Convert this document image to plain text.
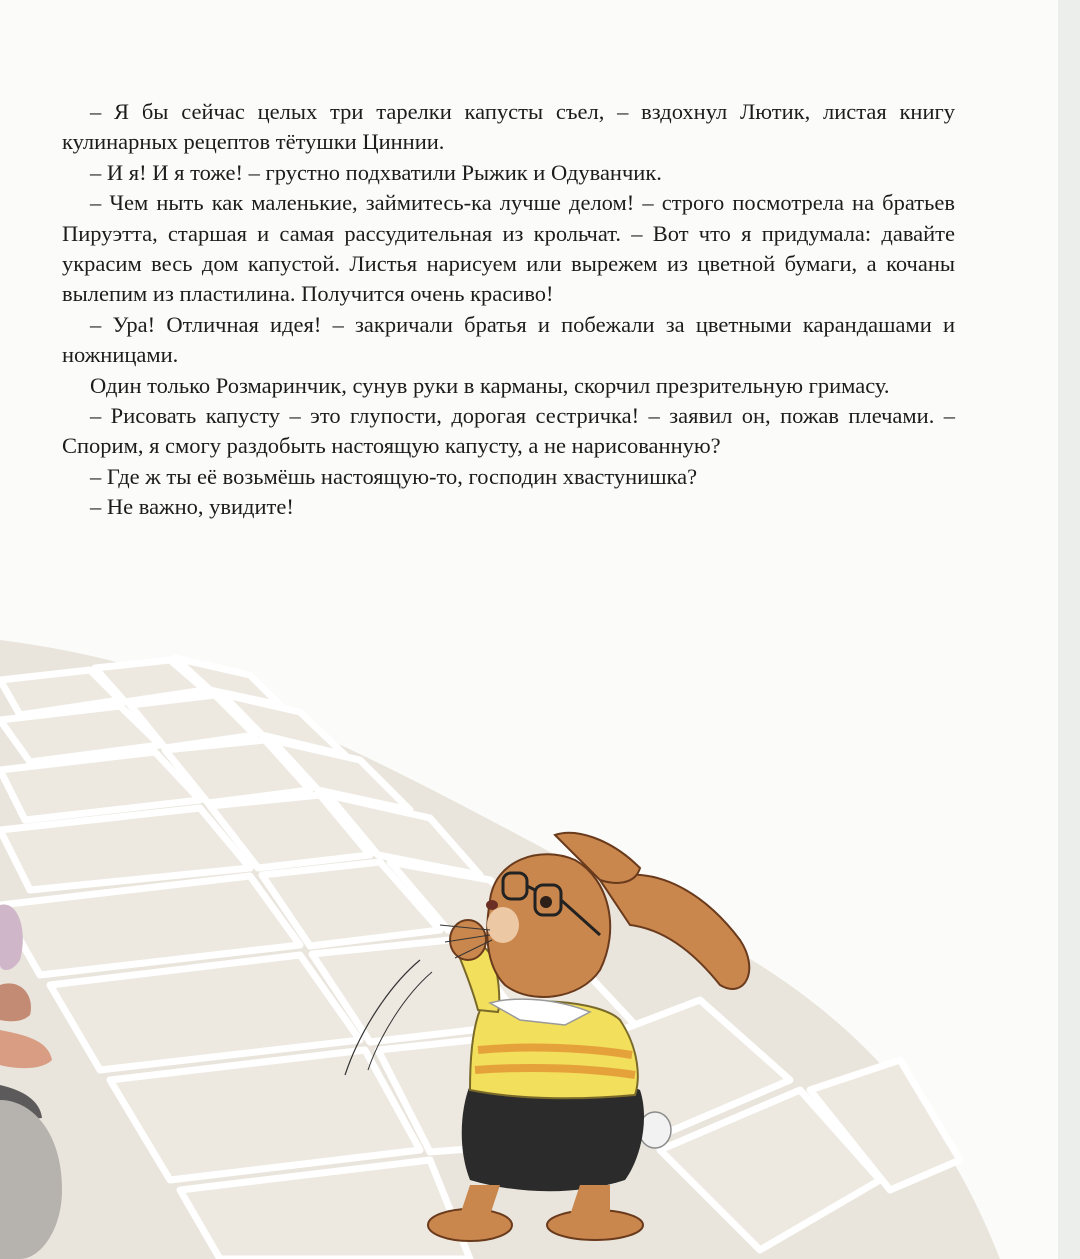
– Я бы сейчас целых три тарелки капусты съел, – вздохнул Лютик, листая книгу кулинарных рецептов тётушки Циннии.

– И я! И я тоже! – грустно подхватили Рыжик и Одуванчик.

– Чем ныть как маленькие, займитесь-ка лучше делом! – строго посмотрела на братьев Пируэтта, старшая и самая рассудительная из крольчат. – Вот что я придумала: давайте украсим весь дом капустой. Листья нарисуем или вырежем из цветной бумаги, а кочаны вылепим из пластилина. Получится очень красиво!

– Ура! Отличная идея! – закричали братья и побежали за цветными карандашами и ножницами.

Один только Розмаринчик, сунув руки в карманы, скорчил презрительную гримасу.

– Рисовать капусту – это глупости, дорогая сестричка! – заявил он, пожав плечами. – Спорим, я смогу раздобыть настоящую капусту, а не нарисованную?

– Где ж ты её возьмёшь настоящую-то, господин хвастунишка?

– Не важно, увидите!
